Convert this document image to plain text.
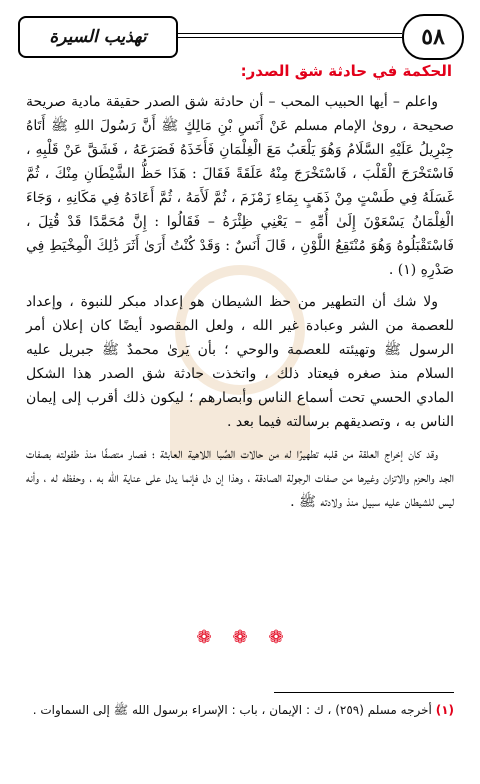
٥٨
تهذيب السيرة
الحكمة في حادثة شق الصدر:

واعلم – أيها الحبيب المحب – أن حادثة شق الصدر حقيقة مادية صريحة صحيحة ، روىٰ الإمام مسلم عَنْ أَنَسِ بْنِ مَالِكٍ ﷺ أَنَّ رَسُولَ اللهِ ﷺ أَتَاهُ جِبْرِيلُ عَلَيْهِ السَّلَامُ وَهُوَ يَلْعَبُ مَعَ الْغِلْمَانِ فَأَخَذَهُ فَصَرَعَهُ ، فَشَقَّ عَنْ قَلْبِهِ ، فَاسْتَخْرَجَ الْقَلْبَ ، فَاسْتَخْرَجَ مِنْهُ عَلَقَةً فَقَالَ : هَذَا حَظُّ الشَّيْطَانِ مِنْكَ ، ثُمَّ غَسَلَهُ فِي طَسْتٍ مِنْ ذَهَبٍ بِمَاءِ زَمْزَمَ ، ثُمَّ لَأَمَهُ ، ثُمَّ أَعَادَهُ فِي مَكَانِهِ ، وَجَاءَ الْغِلْمَانُ يَسْعَوْنَ إِلَىٰ أُمِّهِ – يَعْنِي ظِئْرَهُ – فَقَالُوا : إِنَّ مُحَمَّدًا قَدْ قُتِلَ ، فَاسْتَقْبَلُوهُ وَهُوَ مُنْتَقِعُ اللَّوْنِ ، قَالَ أَنَسٌ : وَقَدْ كُنْتُ أَرَىٰ أَثَرَ ذَٰلِكَ الْمِخْيَطِ فِي صَدْرِهِ (١) .

ولا شك أن التطهير من حظ الشيطان هو إعداد مبكر للنبوة ، وإعداد للعصمة من الشر وعبادة غير الله ، ولعل المقصود أيضًا كان إعلان أمر الرسول ﷺ وتهيئته للعصمة والوحي ؛ بأن يَرىٰ محمدٌ ﷺ جبريل عليه السلام منذ صغره فيعتاد ذلك ، واتخذت حادثة شق الصدر هذا الشكل المادي الحسي تحت أسماع الناس وأبصارهم ؛ ليكون ذلك أقرب إلى إيمان الناس به ، وتصديقهم برسالته فيما بعد .

وقد كان إخراج العلقة من قلبه تطهيرًا له من حالات الصِّبا اللاهية العابثة ؛ فصار متصفًا منذ طفولته بصفات الجد والحزم والاتزان وغيرها من صفات الرجولة الصادقة ، وهذا إن دل فإنما يدل على عناية الله به ، وحفظه له ، وأنه ليس للشيطان عليه سبيل منذ ولادته ﷺ .

❁
❁
❁
(١) أخرجه مسلم (٢٥٩) ، ك : الإيمان ، باب : الإسراء برسول الله ﷺ إلى السماوات .
